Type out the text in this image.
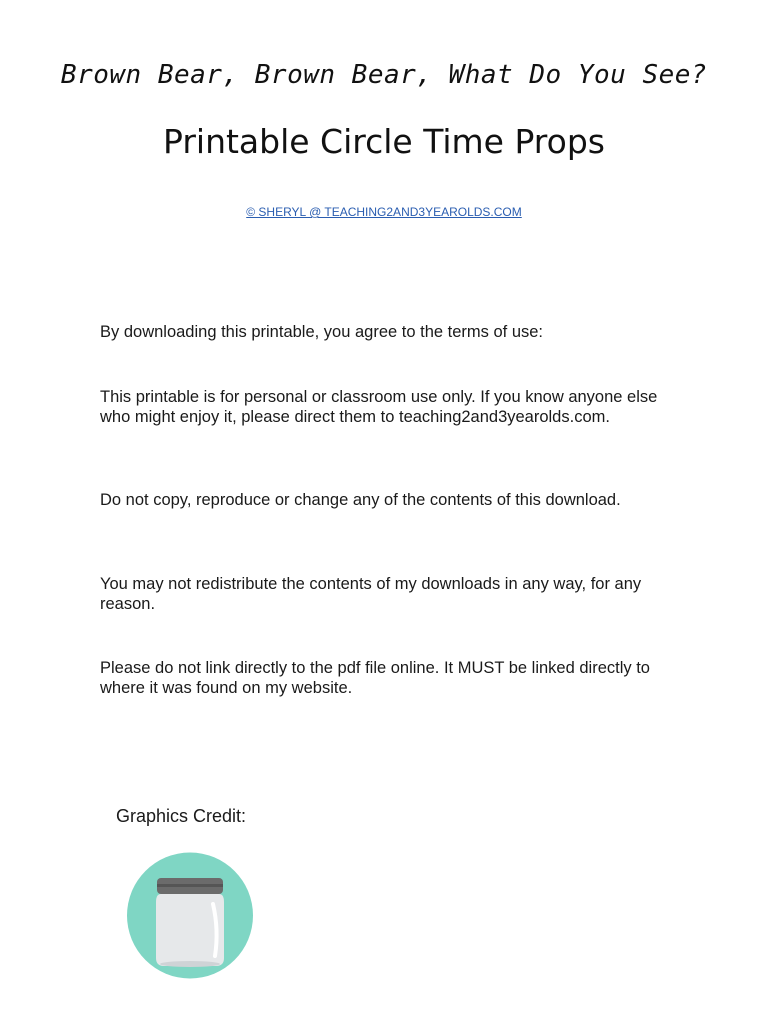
Brown Bear, Brown Bear, What Do You See?
Printable Circle Time Props
© SHERYL @ TEACHING2AND3YEAROLDS.COM
By downloading this printable, you agree to the terms of use:
This printable is for personal or classroom use only. If you know anyone else who might enjoy it, please direct them to teaching2and3yearolds.com.
Do not copy, reproduce or change any of the contents of this download.
You may not redistribute the contents of my downloads in any way, for any reason.
Please do not link directly to the pdf file online. It MUST be linked directly to where it was found on my website.
Graphics Credit:
